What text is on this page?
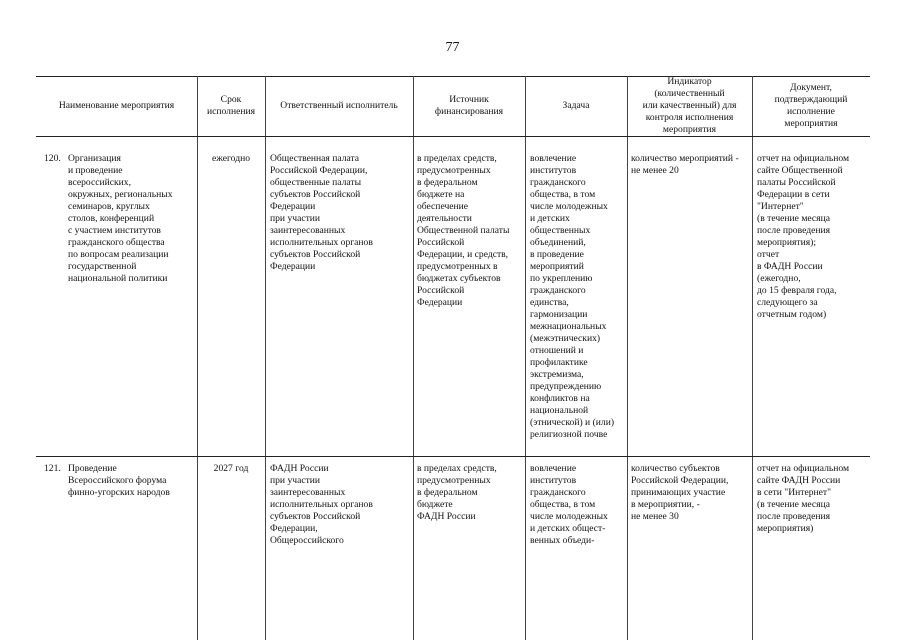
77
Наименование мероприятия
Срок
исполнения
Ответственный исполнитель
Источник
финансирования
Задача
Индикатор
(количественный
или качественный) для
контроля исполнения
мероприятия
Документ,
подтверждающий
исполнение
мероприятия
120. Организация
и проведение
всероссийских,
окружных, региональных
семинаров, круглых
столов, конференций
с участием институтов
гражданского общества
по вопросам реализации
государственной
национальной политики
ежегодно	Общественная палата
Российской Федерации,
общественные палаты
субъектов Российской
Федерации
при участии
заинтересованных
исполнительных органов
субъектов Российской
Федерации
в пределах средств,
предусмотренных
в федеральном
бюджете на
обеспечение
деятельности
Общественной палаты
Российской
Федерации, и средств,
предусмотренных в
бюджетах субъектов
Российской
Федерации
вовлечение
институтов
гражданского
общества, в том
числе молодежных
и детских
общественных
объединений,
в проведение
мероприятий
по укреплению
гражданского
единства,
гармонизации
межнациональных
(межэтнических)
отношений и
профилактике
экстремизма,
предупреждению
конфликтов на
национальной
(этнической) и (или)
религиозной почве
количество мероприятий -
не менее 20
отчет на официальном
сайте Общественной
палаты Российской
Федерации в сети
"Интернет"
(в течение месяца
после проведения
мероприятия);
отчет
в ФАДН России
(ежегодно,
до 15 февраля года,
следующего за
отчетным годом)
121. Проведение
Всероссийского форума
финно-угорских народов
2027 год	ФАДН России
при участии
заинтересованных
исполнительных органов
субъектов Российской
Федерации,
Общероссийского
в пределах средств,
предусмотренных
в федеральном
бюджете
ФАДН России
вовлечение
институтов
гражданского
общества, в том
числе молодежных
и детских общест-
венных объеди-
количество субъектов
Российской Федерации,
принимающих участие
в мероприятии, -
не менее 30
отчет на официальном
сайте ФАДН России
в сети "Интернет"
(в течение месяца
после проведения
мероприятия)
